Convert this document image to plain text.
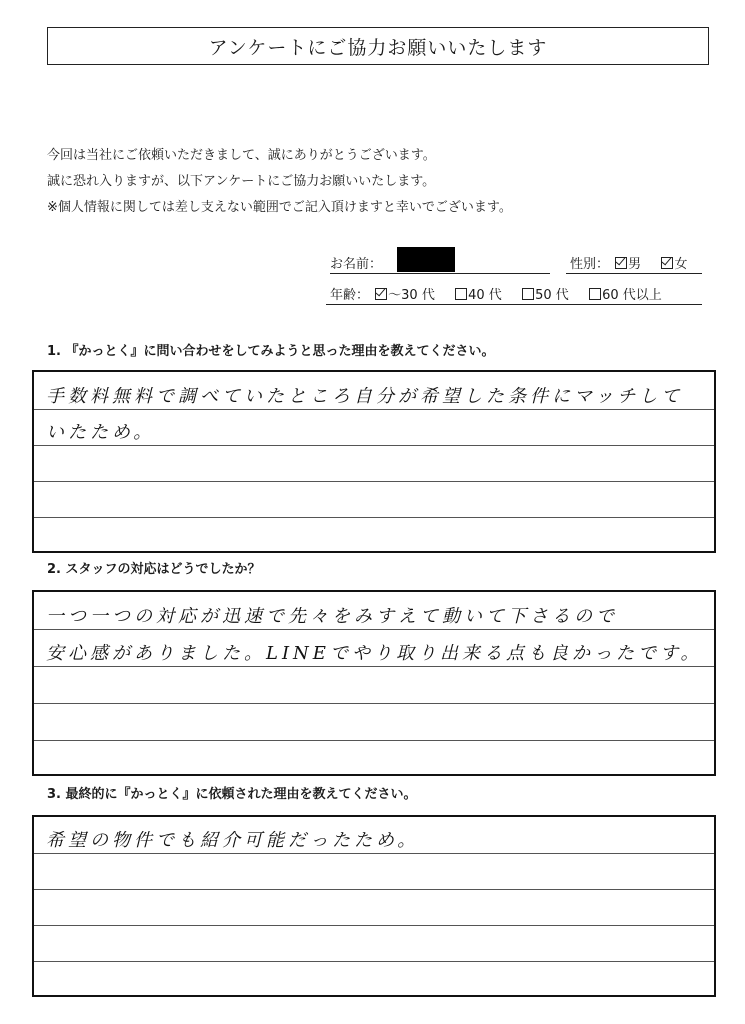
アンケートにご協力お願いいたします
今回は当社にご依頼いただきまして、誠にありがとうございます。
誠に恐れ入りますが、以下アンケートにご協力お願いいたします。
※個人情報に関しては差し支えない範囲でご記入頂けますと幸いでございます。
お名前：	性別： 男	女
年齢： 〜30 代	40 代	50 代	60 代以上
1. 『かっとく』に問い合わせをしてみようと思った理由を教えてください。
手数料無料で調べていたところ自分が希望した条件にマッチして
いたため。
2. スタッフの対応はどうでしたか？
一つ一つの対応が迅速で先々をみすえて動いて下さるので
安心感がありました。LINEでやり取り出来る点も良かったです。
3. 最終的に『かっとく』に依頼された理由を教えてください。
希望の物件でも紹介可能だったため。
